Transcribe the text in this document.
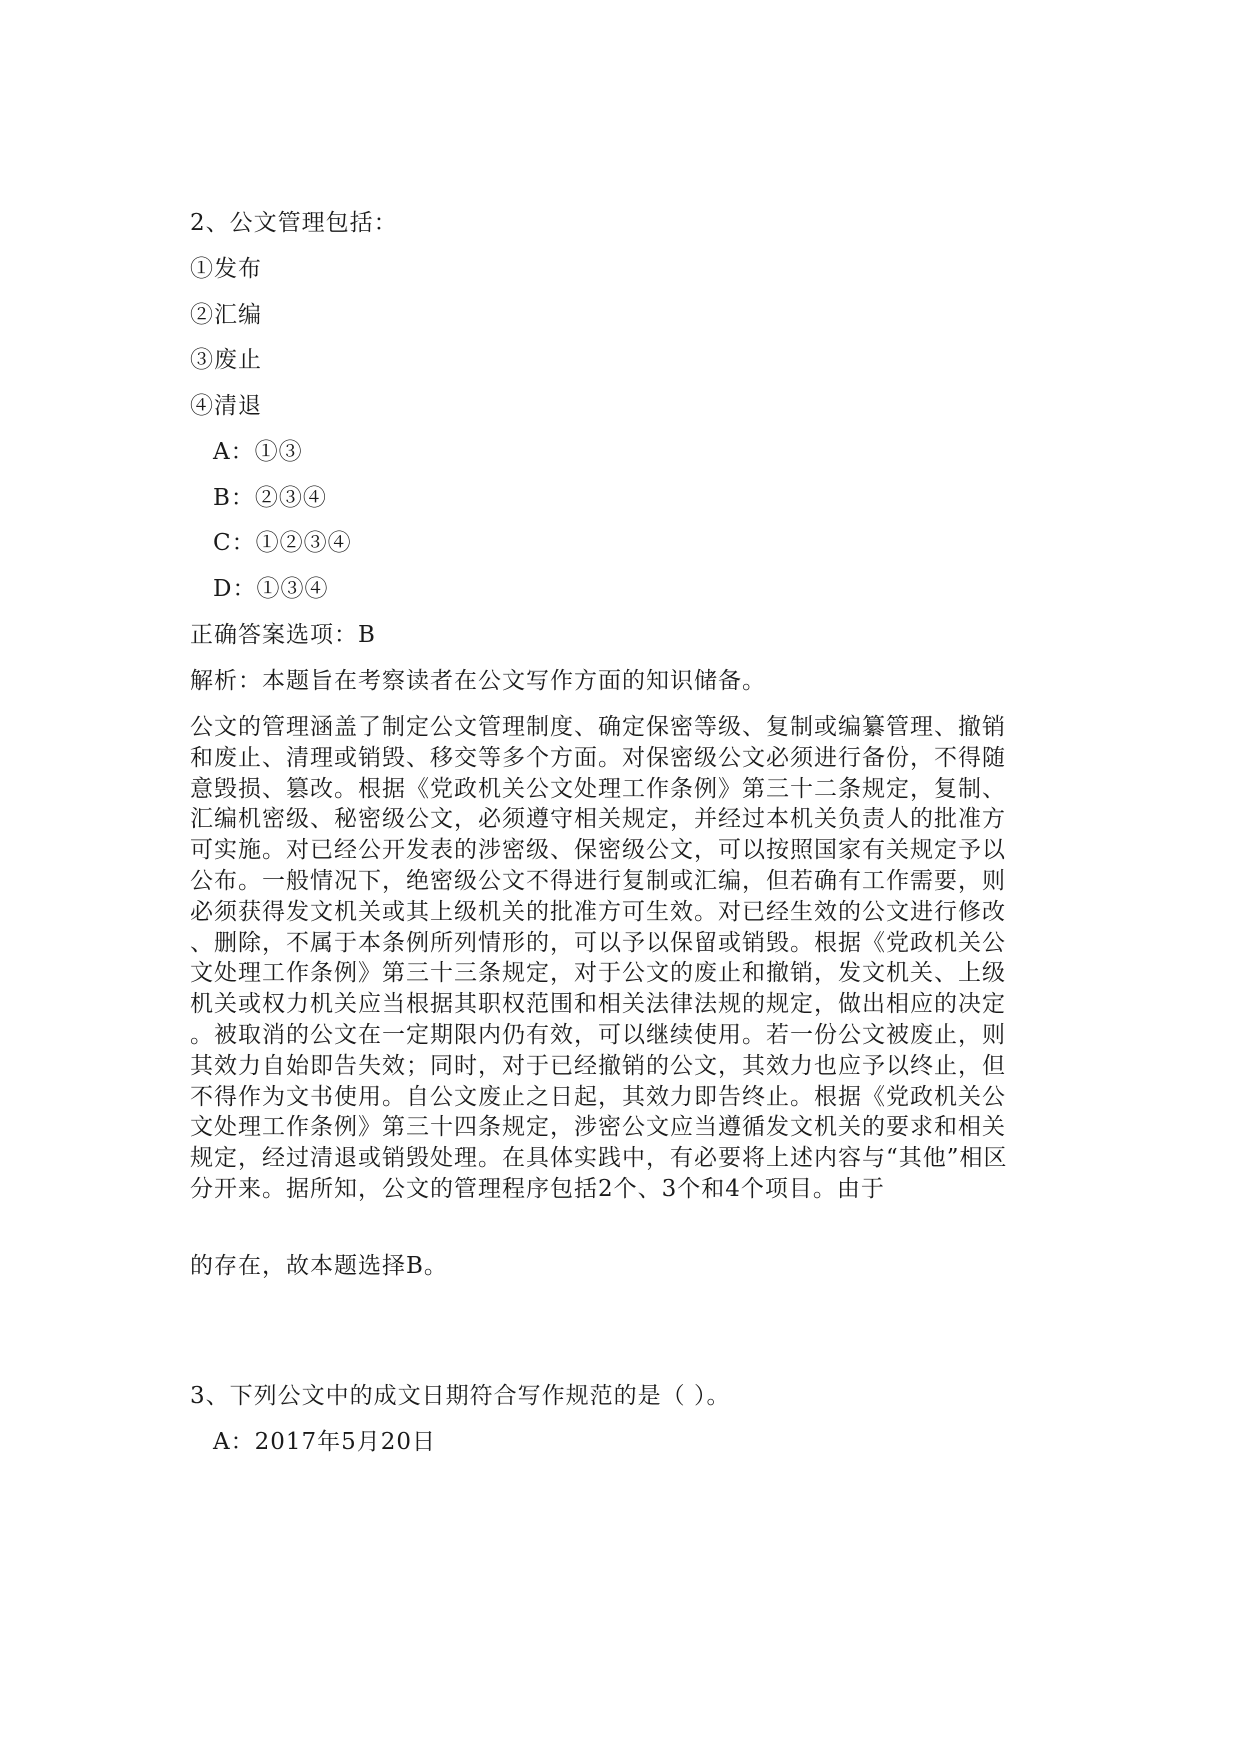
2、公文管理包括：
①发布
②汇编
③废止
④清退
A：①③
B：②③④
C：①②③④
D：①③④
正确答案选项：B
解析：本题旨在考察读者在公文写作方面的知识储备。
公文的管理涵盖了制定公文管理制度、确定保密等级、复制或编纂管理、撤销
和废止、清理或销毁、移交等多个方面。对保密级公文必须进行备份，不得随
意毁损、篡改。根据《党政机关公文处理工作条例》第三十二条规定，复制、
汇编机密级、秘密级公文，必须遵守相关规定，并经过本机关负责人的批准方
可实施。对已经公开发表的涉密级、保密级公文，可以按照国家有关规定予以
公布。一般情况下，绝密级公文不得进行复制或汇编，但若确有工作需要，则
必须获得发文机关或其上级机关的批准方可生效。对已经生效的公文进行修改
、删除，不属于本条例所列情形的，可以予以保留或销毁。根据《党政机关公
文处理工作条例》第三十三条规定，对于公文的废止和撤销，发文机关、上级
机关或权力机关应当根据其职权范围和相关法律法规的规定，做出相应的决定
。被取消的公文在一定期限内仍有效，可以继续使用。若一份公文被废止，则
其效力自始即告失效；同时，对于已经撤销的公文，其效力也应予以终止，但
不得作为文书使用。自公文废止之日起，其效力即告终止。根据《党政机关公
文处理工作条例》第三十四条规定，涉密公文应当遵循发文机关的要求和相关
规定，经过清退或销毁处理。在具体实践中，有必要将上述内容与“其他”相区
分开来。据所知，公文的管理程序包括2个、3个和4个项目。由于
的存在，故本题选择B。
3、下列公文中的成文日期符合写作规范的是（ ）。
A：2017年5月20日
